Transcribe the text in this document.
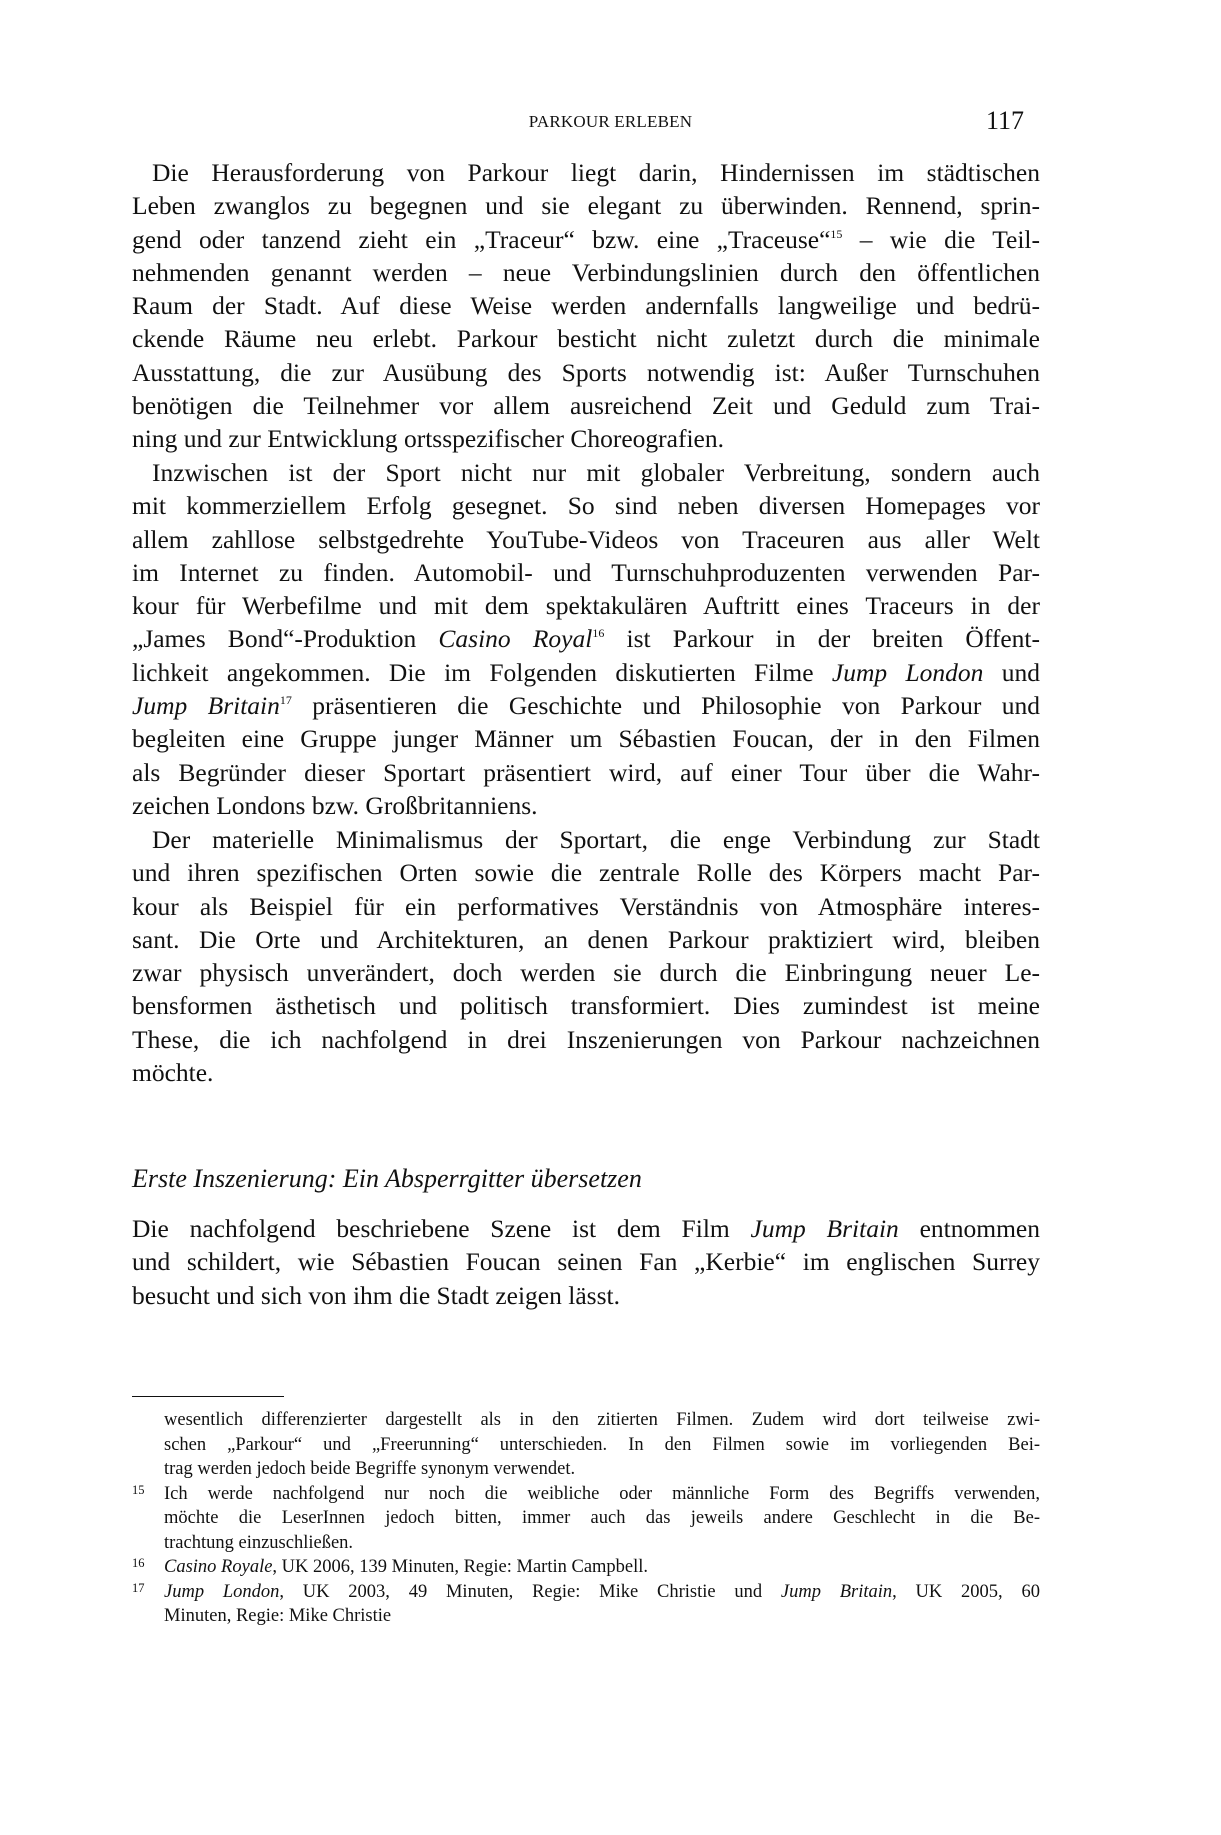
PARKOUR ERLEBEN	117
Die Herausforderung von Parkour liegt darin, Hindernissen im städtischen
Leben zwanglos zu begegnen und sie elegant zu überwinden. Rennend, sprin-
gend oder tanzend zieht ein „Traceur“ bzw. eine „Traceuse“$^{15}$ – wie die Teil-
nehmenden genannt werden – neue Verbindungslinien durch den öffentlichen
Raum der Stadt. Auf diese Weise werden andernfalls langweilige und bedrü-
ckende Räume neu erlebt. Parkour besticht nicht zuletzt durch die minimale
Ausstattung, die zur Ausübung des Sports notwendig ist: Außer Turnschuhen
benötigen die Teilnehmer vor allem ausreichend Zeit und Geduld zum Trai-
ning und zur Entwicklung ortsspezifischer Choreografien.
Inzwischen ist der Sport nicht nur mit globaler Verbreitung, sondern auch
mit kommerziellem Erfolg gesegnet. So sind neben diversen Homepages vor
allem zahllose selbstgedrehte YouTube-Videos von Traceuren aus aller Welt
im Internet zu finden. Automobil- und Turnschuhproduzenten verwenden Par-
kour für Werbefilme und mit dem spektakulären Auftritt eines Traceurs in der
„James Bond“-Produktion Casino Royal$^{16}$ ist Parkour in der breiten Öffent-
lichkeit angekommen. Die im Folgenden diskutierten Filme Jump London und
Jump Britain$^{17}$ präsentieren die Geschichte und Philosophie von Parkour und
begleiten eine Gruppe junger Männer um Sébastien Foucan, der in den Filmen
als Begründer dieser Sportart präsentiert wird, auf einer Tour über die Wahr-
zeichen Londons bzw. Großbritanniens.
Der materielle Minimalismus der Sportart, die enge Verbindung zur Stadt
und ihren spezifischen Orten sowie die zentrale Rolle des Körpers macht Par-
kour als Beispiel für ein performatives Verständnis von Atmosphäre interes-
sant. Die Orte und Architekturen, an denen Parkour praktiziert wird, bleiben
zwar physisch unverändert, doch werden sie durch die Einbringung neuer Le-
bensformen ästhetisch und politisch transformiert. Dies zumindest ist meine
These, die ich nachfolgend in drei Inszenierungen von Parkour nachzeichnen
möchte.
Erste Inszenierung: Ein Absperrgitter übersetzen
Die nachfolgend beschriebene Szene ist dem Film Jump Britain entnommen
und schildert, wie Sébastien Foucan seinen Fan „Kerbie“ im englischen Surrey
besucht und sich von ihm die Stadt zeigen lässt.
wesentlich differenzierter dargestellt als in den zitierten Filmen. Zudem wird dort teilweise zwi-
schen „Parkour“ und „Freerunning“ unterschieden. In den Filmen sowie im vorliegenden Bei-
trag werden jedoch beide Begriffe synonym verwendet.
15 Ich werde nachfolgend nur noch die weibliche oder männliche Form des Begriffs verwenden,
möchte die LeserInnen jedoch bitten, immer auch das jeweils andere Geschlecht in die Be-
trachtung einzuschließen.
16 Casino Royale, UK 2006, 139 Minuten, Regie: Martin Campbell.
17 Jump London, UK 2003, 49 Minuten, Regie: Mike Christie und Jump Britain, UK 2005, 60
Minuten, Regie: Mike Christie
